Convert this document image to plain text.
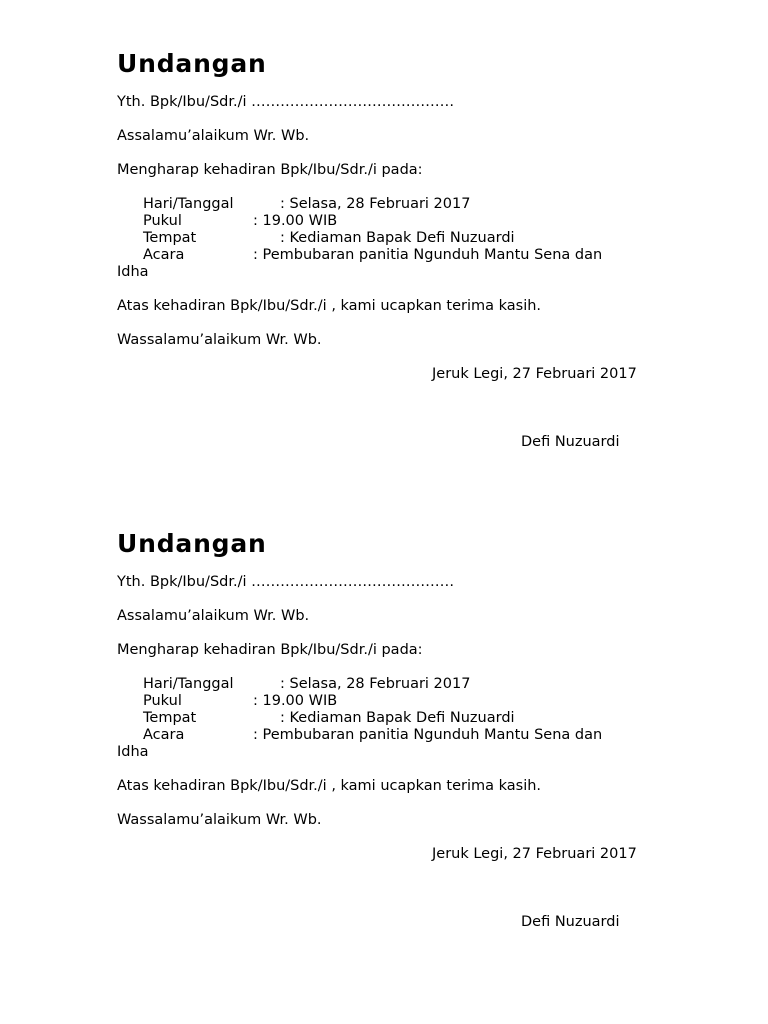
Undangan
Yth. Bpk/Ibu/Sdr./i ……………………………………
Assalamu’alaikum Wr. Wb.
Mengharap kehadiran Bpk/Ibu/Sdr./i pada:
Hari/Tanggal	: Selasa, 28 Februari 2017
Pukul	: 19.00 WIB
Tempat	: Kediaman Bapak Defi Nuzuardi
Acara	: Pembubaran panitia Ngunduh Mantu Sena dan
Idha
Atas kehadiran Bpk/Ibu/Sdr./i , kami ucapkan terima kasih.
Wassalamu’alaikum Wr. Wb.
Jeruk Legi, 27 Februari 2017
Defi Nuzuardi
Undangan
Yth. Bpk/Ibu/Sdr./i ……………………………………
Assalamu’alaikum Wr. Wb.
Mengharap kehadiran Bpk/Ibu/Sdr./i pada:
Hari/Tanggal	: Selasa, 28 Februari 2017
Pukul	: 19.00 WIB
Tempat	: Kediaman Bapak Defi Nuzuardi
Acara	: Pembubaran panitia Ngunduh Mantu Sena dan
Idha
Atas kehadiran Bpk/Ibu/Sdr./i , kami ucapkan terima kasih.
Wassalamu’alaikum Wr. Wb.
Jeruk Legi, 27 Februari 2017
Defi Nuzuardi
